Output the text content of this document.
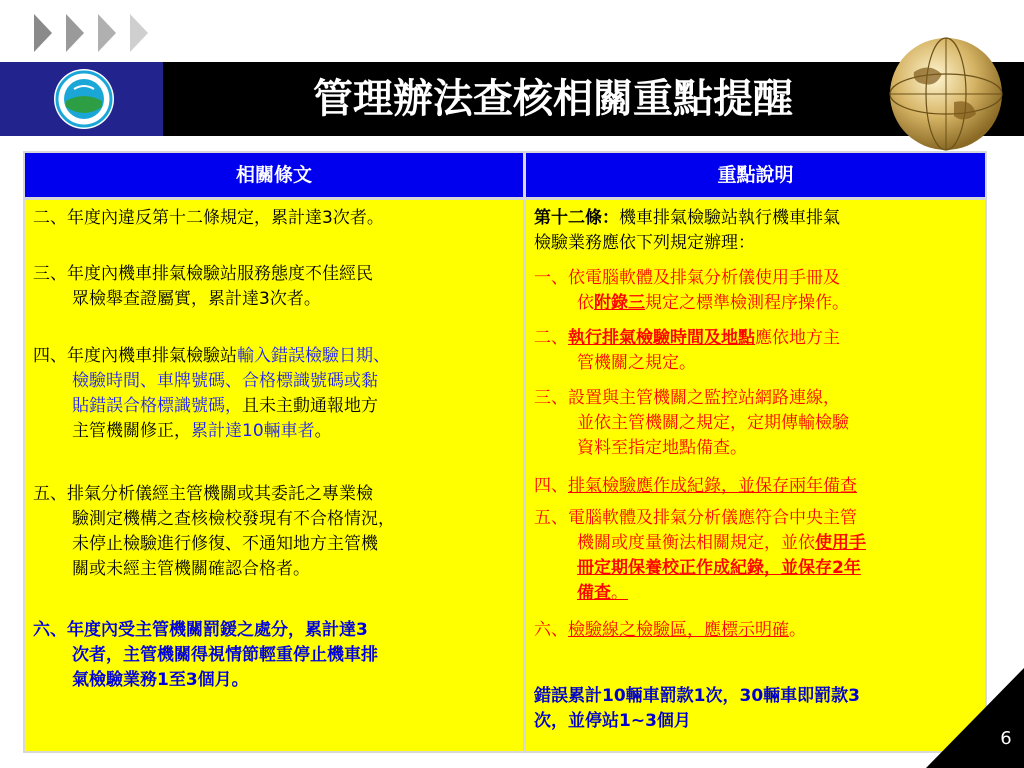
管理辦法查核相關重點提醒
相關條文	重點說明
二、年度內違反第十二條規定，累計達3次者。
三、年度內機車排氣檢驗站服務態度不佳經民
眾檢舉查證屬實，累計達3次者。
四、年度內機車排氣檢驗站輸入錯誤檢驗日期、
檢驗時間、車牌號碼、合格標識號碼或黏
貼錯誤合格標識號碼，且未主動通報地方
主管機關修正，累計達10輛車者。
五、排氣分析儀經主管機關或其委託之專業檢
驗測定機構之查核檢校發現有不合格情況，
未停止檢驗進行修復、不通知地方主管機
關或未經主管機關確認合格者。
六、年度內受主管機關罰鍰之處分，累計達3
次者，主管機關得視情節輕重停止機車排
氣檢驗業務1至3個月。
第十二條：機車排氣檢驗站執行機車排氣
檢驗業務應依下列規定辦理：
一、依電腦軟體及排氣分析儀使用手冊及
依附錄三規定之標準檢測程序操作。
二、執行排氣檢驗時間及地點應依地方主
管機關之規定。
三、設置與主管機關之監控站網路連線，
並依主管機關之規定，定期傳輸檢驗
資料至指定地點備查。
四、排氣檢驗應作成紀錄，並保存兩年備查
五、電腦軟體及排氣分析儀應符合中央主管
機關或度量衡法相關規定，並依使用手
冊定期保養校正作成紀錄，並保存2年
備查。
六、檢驗線之檢驗區，應標示明確。
錯誤累計10輛車罰款1次，30輛車即罰款3
次，並停站1~3個月
6
